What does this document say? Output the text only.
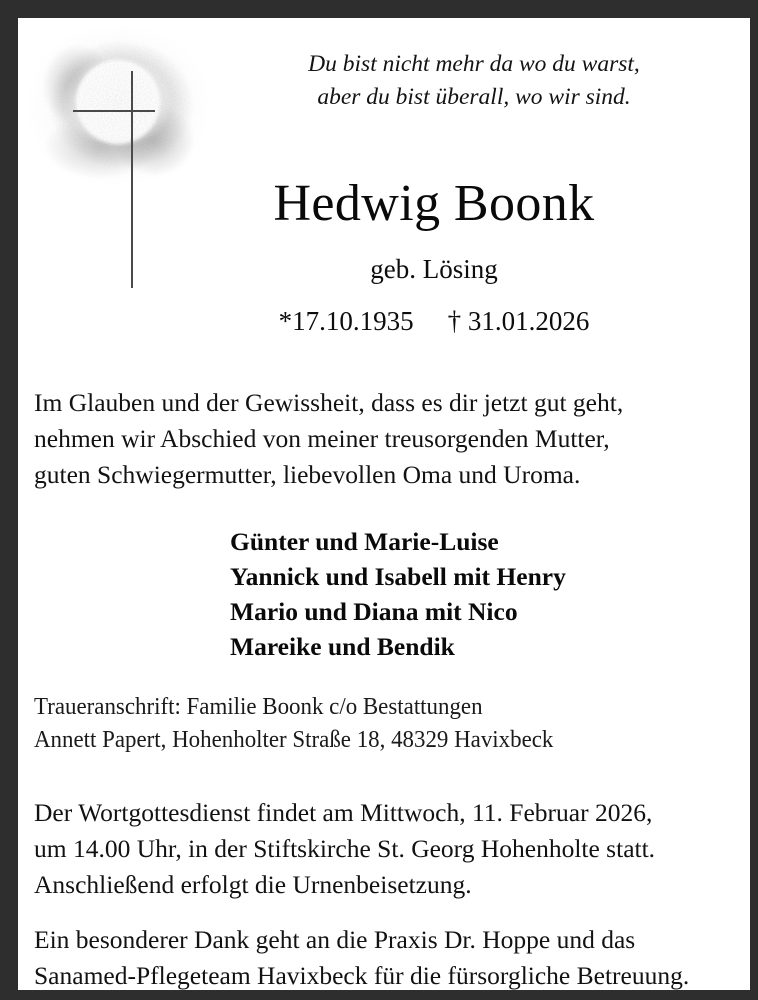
Du bist nicht mehr da wo du warst,
aber du bist überall, wo wir sind.
Hedwig Boonk
geb. Lösing
*17.10.1935 † 31.01.2026
Im Glauben und der Gewissheit, dass es dir jetzt gut geht,
nehmen wir Abschied von meiner treusorgenden Mutter,
guten Schwiegermutter, liebevollen Oma und Uroma.
Günter und Marie-Luise
Yannick und Isabell mit Henry
Mario und Diana mit Nico
Mareike und Bendik
Traueranschrift: Familie Boonk c/o Bestattungen
Annett Papert, Hohenholter Straße 18, 48329 Havixbeck
Der Wortgottesdienst findet am Mittwoch, 11. Februar 2026,
um 14.00 Uhr, in der Stiftskirche St. Georg Hohenholte statt.
Anschließend erfolgt die Urnenbeisetzung.
Ein besonderer Dank geht an die Praxis Dr. Hoppe und das
Sanamed-Pflegeteam Havixbeck für die fürsorgliche Betreuung.
